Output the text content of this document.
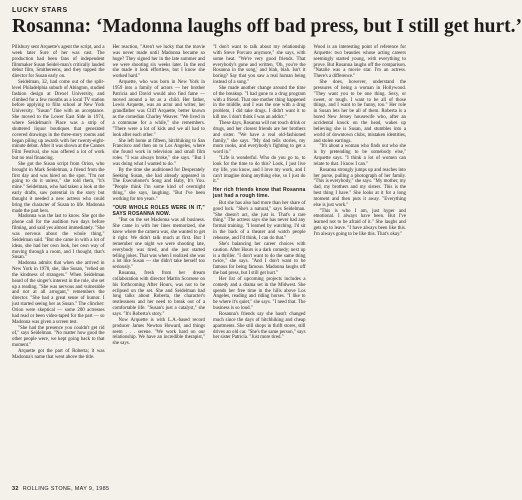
LUCKY STARS
Rosanna: ‘Madonna laughs off bad press, but I still get hurt.’

Pillsbury sent Arquette's agent the script, and a week later Sure of her was cast. The production had been fans of independent filmmaker Susan Seidel-man's critically lauded debut film, Smithereens, and they tapped the director for Susan early on.

Seidelman, 32, had come out of the split-level Philadelphia suburb of Abington, studied fashion design at Drexel University, and climbed for a few months as a local TV station before applying to film school at New York University. "Susan" fine with an acceptance. She moved to the Lower East Side in 1974, where Seidelman's Place was a strip of shuttered liquor boutiques that generated covered drawings in the three-story rooms and began piling up awards with her twenty-eight-minute debut. After it was shown at the Cannes Film Festival, she was offered a lot of work but no real financing.

She got the Susan script from Orion, who brought in Mark Seidelman, a friend from the first day and was hired on the spot. "I'm not going to do it unless," she told them, "it's mine." Seidelman, who had taken a look at the early drafts, saw potential in the story but thought it needed a new actress who could bring the character of Susan to life. Madonna made the part hers.

Madonna was the last to know. She got the phone call for the audition two days before filming, and said yes almost immediately. "She was nervous about the whole thing," Seidelman said. "But she came in with a lot of ideas, she had her own look, her own way of moving through a room, and I thought, that's Susan."

Madonna admits that when she arrived in New York in 1978, she, like Susan, "relied on the kindness of strangers." When Seidelman heard of the singer's interest in the role, she set up a reading. "She was nervous and vulnerable and not at all arrogant," remembers the director. "She had a great sense of humor. I just started seeing her as Susan." The clincher: Orion were skeptical — some 200 actresses had read or been video-taped for the part — so Madonna was given a screen test.

"She had the presence you couldn't get rid of," says Seidelman. "No matter how good the other people were, we kept going back to that moment."

Arquette got the part of Roberta; it was Madonna's name that went above the title.

Her reaction, "Aren't we lucky that the movie was never made until Madonna became so huge? They signed her in the late summer and we were shooting six weeks later. In the end she made it look effortless, but I know she worked hard."

Arquette, who was born in New York in 1959 into a family of actors — her brother Patricia and David would also find fame — moved around a lot as a child. Her father, Lewis Arquette, was an actor and writer, her grandfather was Cliff Arquette, better known as the comedian Charley Weaver. "We lived in a commune for a while," she remembers. "There were a lot of kids and we all had to look after each other."

She left home at fifteen, hitchhiking to San Francisco and then on to Los Angeles, where she found work in television and small film roles. "I was always broke," she says. "But I was doing what I wanted to do."

By the time she auditioned for Desperately Seeking Susan, she had already appeared in The Executioner's Song and Baby, It's You. "People think I'm some kind of overnight thing," she says, laughing. "But I've been working for ten years."

"OUR WHOLE ROLES WERE IN IT," SAYS ROSANNA NOW.

"But on the set Madonna was all business. She came in with her lines memorized, she knew where the camera was, she wanted to get it right. We didn't talk much at first. But I remember one night we were shooting late, everybody was tired, and she just started telling jokes. That was when I realized she was a lot like Susan — she didn't take herself too seriously."

Rosanna, fresh from her dream collaboration with director Martin Scorsese on his forthcoming After Hours, was not to be eclipsed on the set. She and Seidelman had long talks about Roberta, the character's restlessness and her need to break out of a comfortable life. "Susan's just a catalyst," she says. "It's Roberta's story."

Now Arquette is with L.A.-based record producer James Newton Howard, and things seem . . . serene. "We work hard on our relationship. We have an incredible therapist," she says.

"I don't want to talk about my relationship with Steve Porcaro anymore," she says, with some heat. "We're very good friends. That everybody's gone and written, 'Oh, you're the Rosanna in the song,' and blah, blah. Isn't it boring? Say that you saw a real human being instead of a song."

She made another change around the time of the breakup. "I had gone to a drug program with a friend. That one mother thing happened in the middle, and I was the one with a drug problem, I did take drugs. I didn't want it to kill me. I don't think I was an addict."

These days, Rosanna will not touch drink or drugs, and her closest friends are her brothers and sister. "We have a real old-fashioned family," she says. "My dad tells stories, my mom cooks, and everybody's fighting to get a word in."

"Life is wonderful. Who do you go to, to look for the time to do this? Look, I just live my life, you know, and I love my work, and I can't imagine doing anything else, so I just do it."

Her rich friends know that Rosanna just had a rough time.

But she has also had more than her share of good luck. "She's a natural," says Seidelman. "She doesn't act, she just is. That's a rare thing." The actress says she has never had any formal training. "I learned by watching. I'd sit in the back of a theater and watch people rehearse, and I'd think, I can do that."

She's balancing her career choices with caution. After Hours is a dark comedy; next up is a thriller. "I don't want to do the same thing twice," she says. "And I don't want to be famous for being famous. Madonna laughs off the bad press, but I still get hurt."

Her list of upcoming projects includes a comedy and a drama set in the Midwest. She spends her free time in the hills above Los Angeles, reading and riding horses. "I like to be where it's quiet," she says. "I need that. The business is so loud."

Rosanna's friends say she hasn't changed much since the days of hitchhiking and cheap apartments. She still shops in thrift stores, still drives an old car. "She's the same person," says her sister Patricia. "Just more tired."

Wood is an interesting point of reference for Arquette: two beauties whose acting careers seemingly started young, with everything to prove. But Rosanna laughs off the comparison. "Natalie was a movie star. I'm an actress. There's a difference."

She does, however, understand the pressures of being a woman in Hollywood. "They want you to be one thing. Sexy, or sweet, or tough. I want to be all of those things, and I want to be funny, too." Her role in Susan lets her be all of them. Roberta is a bored New Jersey housewife who, after an accidental knock on the head, wakes up believing she is Susan, and stumbles into a world of downtown clubs, mistaken identities, and stolen earrings.

"It's about a woman who finds out who she is by pretending to be somebody else," Arquette says. "I think a lot of women can relate to that. I know I can."

Rosanna strongly jumps up and reaches into her purse, pulling a photograph of her family. "This is everybody," she says. "My mother, my dad, my brothers and my sisters. This is the best thing I have." She looks at it for a long moment and then puts it away. "Everything else is just work."

"This is who I am, just hyper and emotional. I always have been. But I've learned not to be afraid of it." She laughs and gets up to leave. "I have always been like this. I'm always going to be like this. That's okay."

32 ROLLING STONE, MAY 9, 1985
